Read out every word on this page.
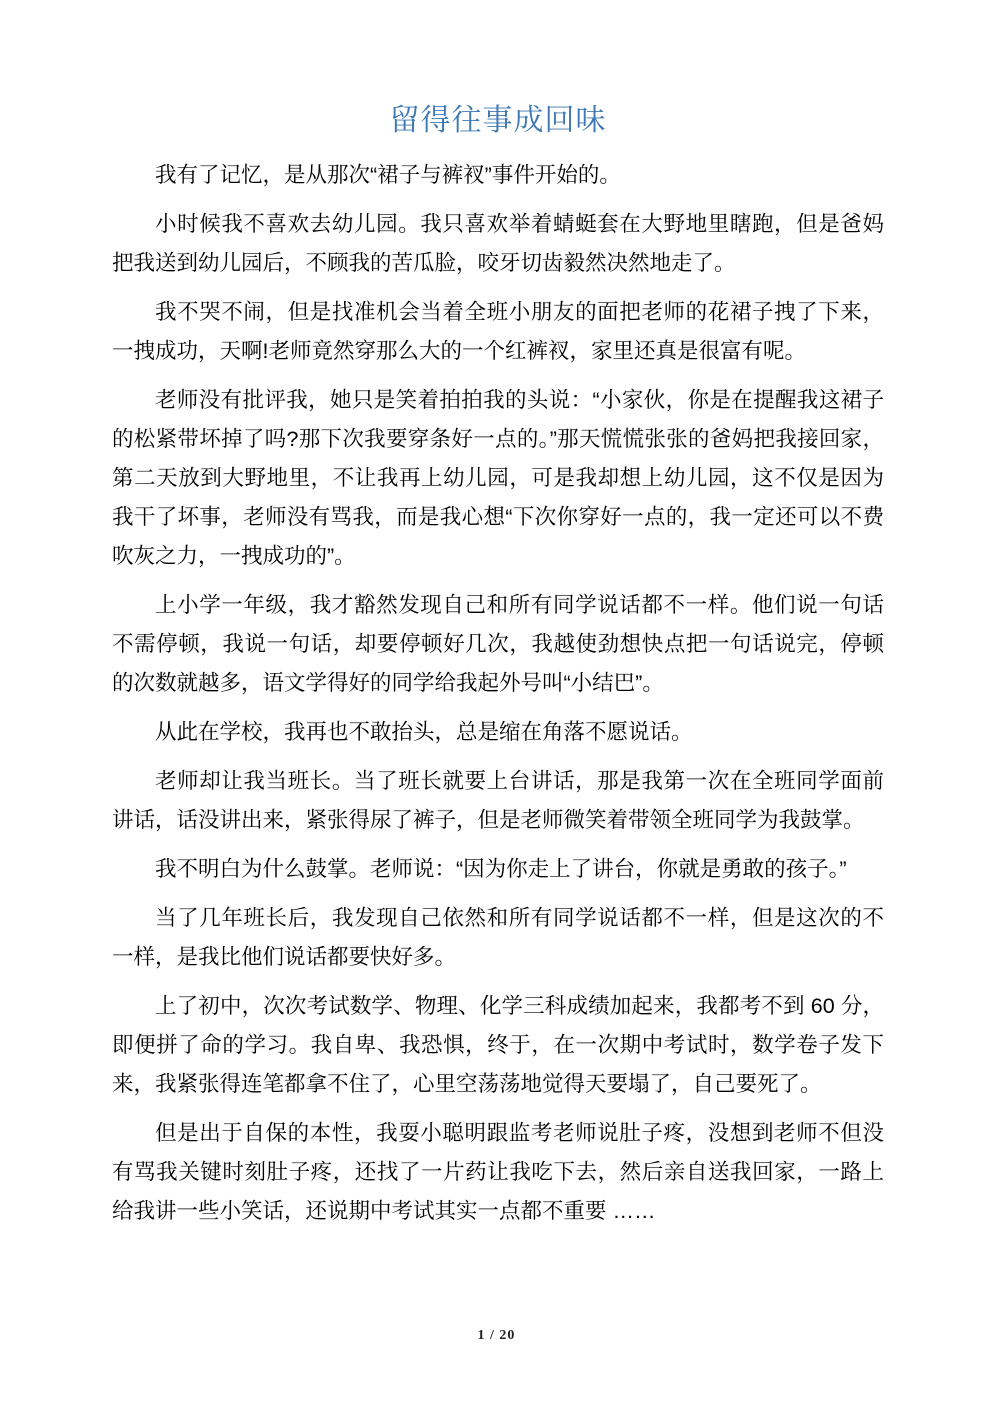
留得往事成回味

我有了记忆，是从那次“裙子与裤衩”事件开始的。

小时候我不喜欢去幼儿园。我只喜欢举着蜻蜓套在大野地里瞎跑，但是爸妈把我送到幼儿园后，不顾我的苦瓜脸，咬牙切齿毅然决然地走了。

我不哭不闹，但是找准机会当着全班小朋友的面把老师的花裙子拽了下来，一拽成功，天啊!老师竟然穿那么大的一个红裤衩，家里还真是很富有呢。

老师没有批评我，她只是笑着拍拍我的头说：“小家伙，你是在提醒我这裙子的松紧带坏掉了吗?那下次我要穿条好一点的。”那天慌慌张张的爸妈把我接回家，第二天放到大野地里，不让我再上幼儿园，可是我却想上幼儿园，这不仅是因为我干了坏事，老师没有骂我，而是我心想“下次你穿好一点的，我一定还可以不费吹灰之力，一拽成功的”。

上小学一年级，我才豁然发现自己和所有同学说话都不一样。他们说一句话不需停顿，我说一句话，却要停顿好几次，我越使劲想快点把一句话说完，停顿的次数就越多，语文学得好的同学给我起外号叫“小结巴”。

从此在学校，我再也不敢抬头，总是缩在角落不愿说话。

老师却让我当班长。当了班长就要上台讲话，那是我第一次在全班同学面前讲话，话没讲出来，紧张得尿了裤子，但是老师微笑着带领全班同学为我鼓掌。

我不明白为什么鼓掌。老师说：“因为你走上了讲台，你就是勇敢的孩子。”

当了几年班长后，我发现自己依然和所有同学说话都不一样，但是这次的不一样，是我比他们说话都要快好多。

上了初中，次次考试数学、物理、化学三科成绩加起来，我都考不到 60 分，即便拼了命的学习。我自卑、我恐惧，终于，在一次期中考试时，数学卷子发下来，我紧张得连笔都拿不住了，心里空荡荡地觉得天要塌了，自己要死了。

但是出于自保的本性，我耍小聪明跟监考老师说肚子疼，没想到老师不但没有骂我关键时刻肚子疼，还找了一片药让我吃下去，然后亲自送我回家，一路上给我讲一些小笑话，还说期中考试其实一点都不重要 ……

1 / 20
